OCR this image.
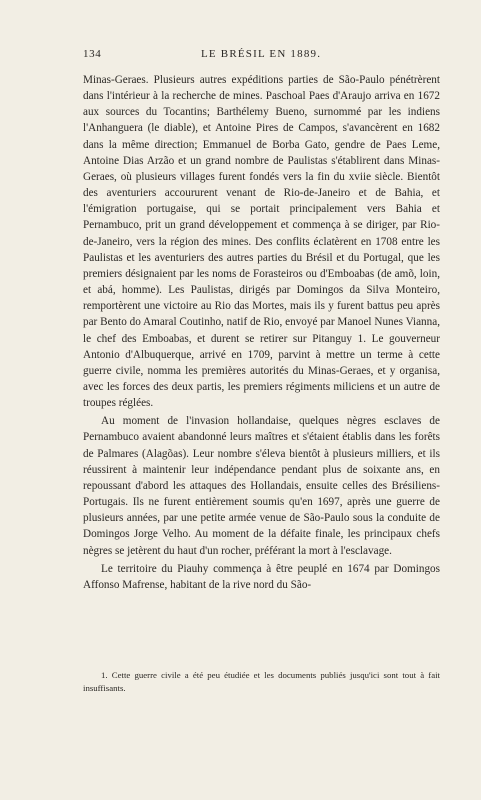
134	LE BRÉSIL EN 1889.

Minas-Geraes. Plusieurs autres expéditions parties de São-Paulo pénétrèrent dans l'intérieur à la recherche de mines. Paschoal Paes d'Araujo arriva en 1672 aux sources du Tocantins; Barthélemy Bueno, surnommé par les indiens l'Anhanguera (le diable), et Antoine Pires de Campos, s'avancèrent en 1682 dans la même direction; Emmanuel de Borba Gato, gendre de Paes Leme, Antoine Dias Arzão et un grand nombre de Paulistas s'établirent dans Minas-Geraes, où plusieurs villages furent fondés vers la fin du xviie siècle. Bientôt des aventuriers accoururent venant de Rio-de-Janeiro et de Bahia, et l'émigration portugaise, qui se portait principalement vers Bahia et Pernambuco, prit un grand développement et commença à se diriger, par Rio-de-Janeiro, vers la région des mines. Des conflits éclatèrent en 1708 entre les Paulistas et les aventuriers des autres parties du Brésil et du Portugal, que les premiers désignaient par les noms de Forasteiros ou d'Emboabas (de amõ, loin, et abá, homme). Les Paulistas, dirigés par Domingos da Silva Monteiro, remportèrent une victoire au Rio das Mortes, mais ils y furent battus peu après par Bento do Amaral Coutinho, natif de Rio, envoyé par Manoel Nunes Vianna, le chef des Emboabas, et durent se retirer sur Pitanguy 1. Le gouverneur Antonio d'Albuquerque, arrivé en 1709, parvint à mettre un terme à cette guerre civile, nomma les premières autorités du Minas-Geraes, et y organisa, avec les forces des deux partis, les premiers régiments miliciens et un autre de troupes réglées.

Au moment de l'invasion hollandaise, quelques nègres esclaves de Pernambuco avaient abandonné leurs maîtres et s'étaient établis dans les forêts de Palmares (Alagõas). Leur nombre s'éleva bientôt à plusieurs milliers, et ils réussirent à maintenir leur indépendance pendant plus de soixante ans, en repoussant d'abord les attaques des Hollandais, ensuite celles des Brésiliens-Portugais. Ils ne furent entièrement soumis qu'en 1697, après une guerre de plusieurs années, par une petite armée venue de São-Paulo sous la conduite de Domingos Jorge Velho. Au moment de la défaite finale, les principaux chefs nègres se jetèrent du haut d'un rocher, préférant la mort à l'esclavage.

Le territoire du Piauhy commença à être peuplé en 1674 par Domingos Affonso Mafrense, habitant de la rive nord du São-

1. Cette guerre civile a été peu étudiée et les documents publiés jusqu'ici sont tout à fait insuffisants.
